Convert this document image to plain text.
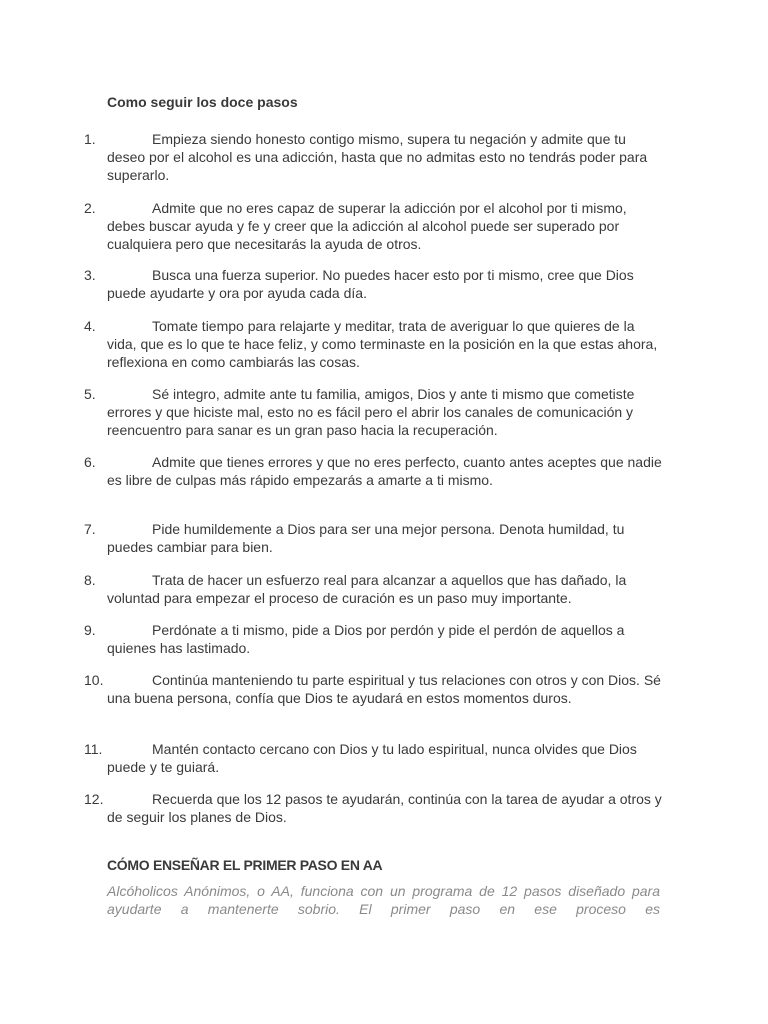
Como seguir los doce pasos
1.	Empieza siendo honesto contigo mismo, supera tu negación y admite que tu deseo por el alcohol es una adicción, hasta que no admitas esto no tendrás poder para superarlo.
2.	Admite que no eres capaz de superar la adicción por el alcohol por ti mismo, debes buscar ayuda y fe y creer que la adicción al alcohol puede ser superado por cualquiera pero que necesitarás la ayuda de otros.
3.	Busca una fuerza superior. No puedes hacer esto por ti mismo, cree que Dios puede ayudarte y ora por ayuda cada día.
4.	Tomate tiempo para relajarte y meditar, trata de averiguar lo que quieres de la vida, que es lo que te hace feliz, y como terminaste en la posición en la que estas ahora, reflexiona en como cambiarás las cosas.
5.	Sé integro, admite ante tu familia, amigos, Dios y ante ti mismo que cometiste errores y que hiciste mal, esto no es fácil pero el abrir los canales de comunicación y reencuentro para sanar es un gran paso hacia la recuperación.
6.	Admite que tienes errores y que no eres perfecto, cuanto antes aceptes que nadie es libre de culpas más rápido empezarás a amarte a ti mismo.
7.	Pide humildemente a Dios para ser una mejor persona. Denota humildad, tu puedes cambiar para bien.
8.	Trata de hacer un esfuerzo real para alcanzar a aquellos que has dañado, la voluntad para empezar el proceso de curación es un paso muy importante.
9.	Perdónate a ti mismo, pide a Dios por perdón y pide el perdón de aquellos a quienes has lastimado.
10.	Continúa manteniendo tu parte espiritual y tus relaciones con otros y con Dios. Sé una buena persona, confía que Dios te ayudará en estos momentos duros.
11.	Mantén contacto cercano con Dios y tu lado espiritual, nunca olvides que Dios puede y te guiará.
12.	Recuerda que los 12 pasos te ayudarán, continúa con la tarea de ayudar a otros y de seguir los planes de Dios.
CÓMO ENSEÑAR EL PRIMER PASO EN AA
Alcóholicos Anónimos, o AA, funciona con un programa de 12 pasos diseñado para ayudarte a mantenerte sobrio. El primer paso en ese proceso es
